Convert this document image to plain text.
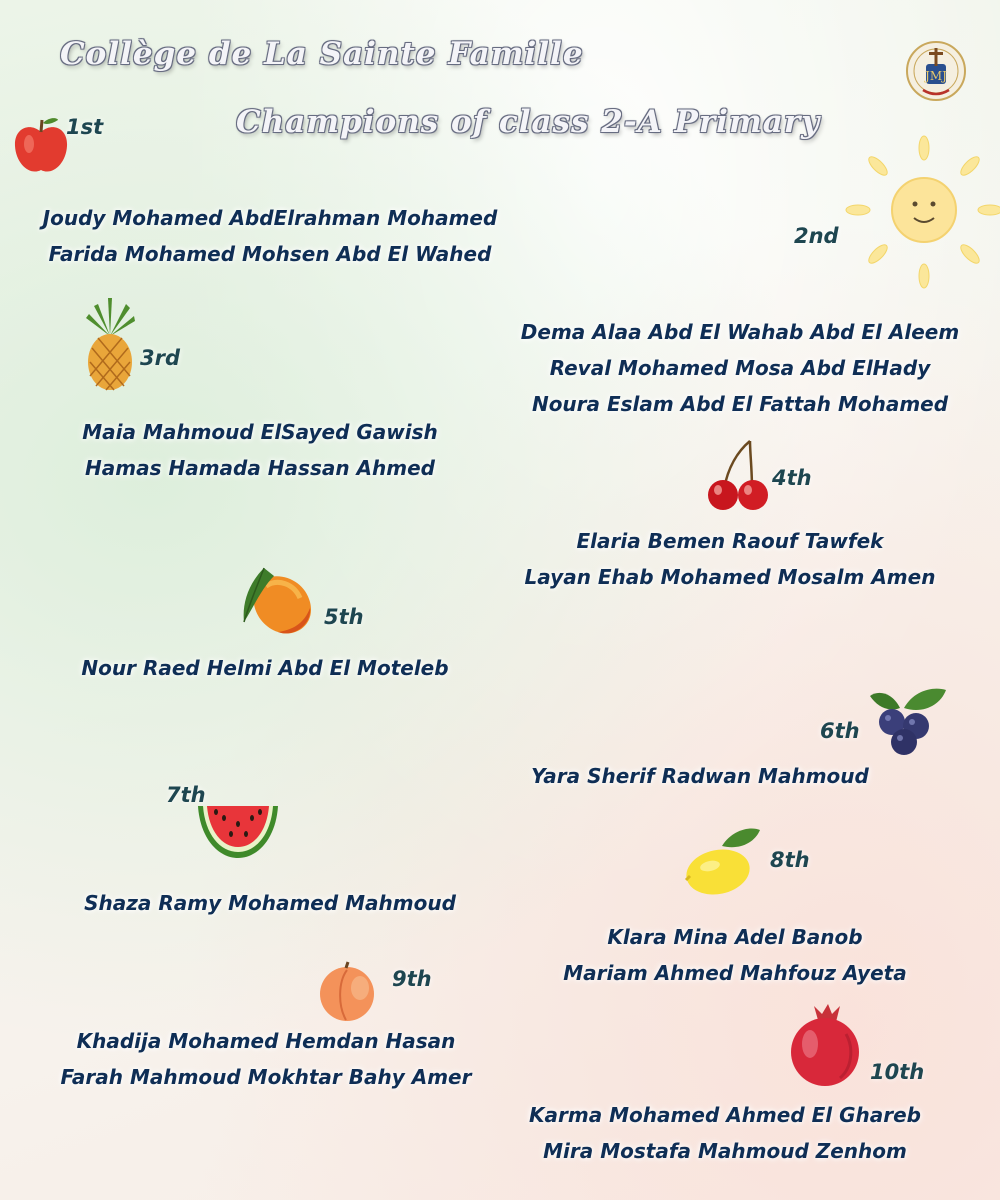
Collège de La Sainte Famille
Champions of class 2-A Primary
JMJ
1st
Joudy Mohamed AbdElrahman Mohamed
Farida Mohamed Mohsen Abd El Wahed
2nd
Dema Alaa Abd El Wahab Abd El Aleem
Reval Mohamed Mosa Abd ElHady
Noura Eslam Abd El Fattah Mohamed
3rd
Maia Mahmoud ElSayed Gawish
Hamas Hamada Hassan Ahmed	4th
Elaria Bemen Raouf Tawfek
Layan Ehab Mohamed Mosalm Amen
5th
Nour Raed Helmi Abd El Moteleb
6th
Yara Sherif Radwan Mahmoud
7th
Shaza Ramy Mohamed Mahmoud
8th
Klara Mina Adel Banob
Mariam Ahmed Mahfouz Ayeta
9th
Khadija Mohamed Hemdan Hasan
Farah Mahmoud Mokhtar Bahy Amer	10th
Karma Mohamed Ahmed El Ghareb
Mira Mostafa Mahmoud Zenhom
